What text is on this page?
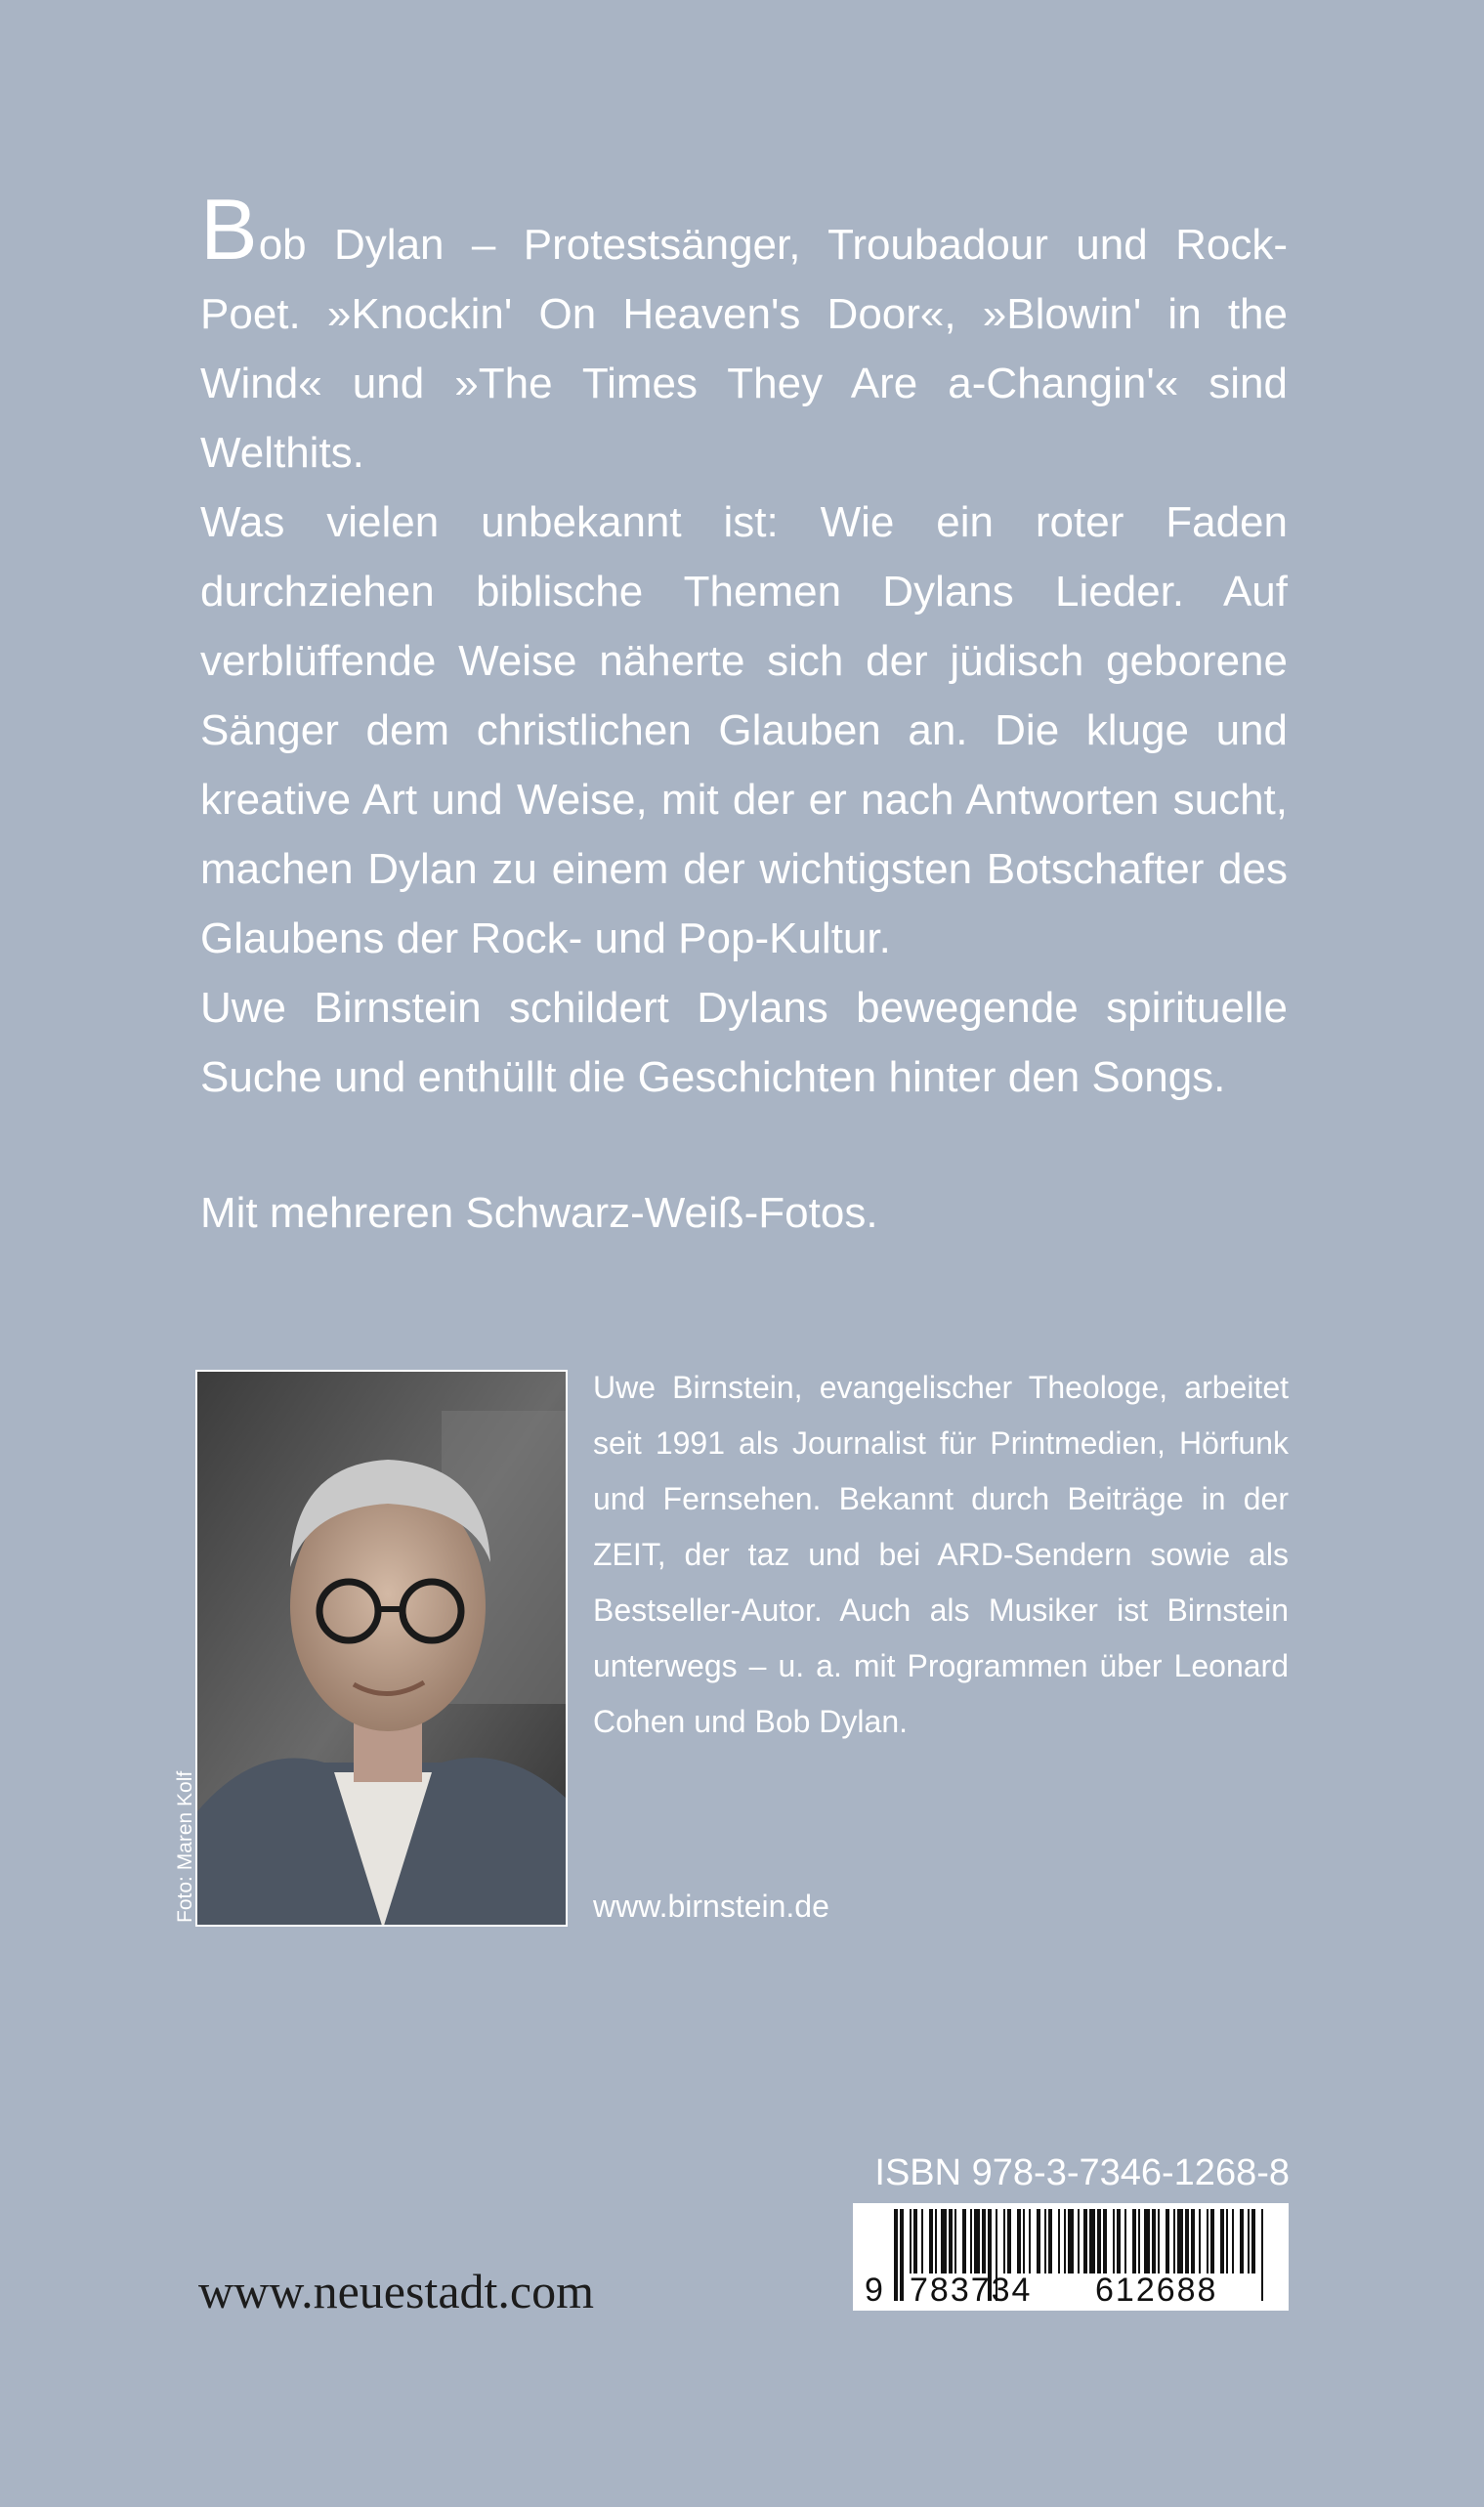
Bob Dylan – Protestsänger, Troubadour und Rock-Poet. »Knockin' On Heaven's Door«, »Blowin' in the Wind« und »The Times They Are a-Changin'« sind Welthits.

Was vielen unbekannt ist: Wie ein roter Faden durchziehen biblische Themen Dylans Lieder. Auf verblüffende Weise näherte sich der jüdisch geborene Sänger dem christlichen Glauben an. Die kluge und kreative Art und Weise, mit der er nach Antworten sucht, machen Dylan zu einem der wichtigsten Botschafter des Glaubens der Rock- und Pop-Kultur.

Uwe Birnstein schildert Dylans bewegende spirituelle Suche und enthüllt die Geschichten hinter den Songs.

Mit mehreren Schwarz-Weiß-Fotos.

Foto: Maren Kolf

Uwe Birnstein, evangelischer Theologe, arbeitet seit 1991 als Journalist für Printmedien, Hörfunk und Fernsehen. Bekannt durch Beiträge in der ZEIT, der taz und bei ARD-Sendern sowie als Bestseller-Autor. Auch als Musiker ist Birnstein unterwegs – u. a. mit Programmen über Leonard Cohen und Bob Dylan.

www.birnstein.de
www.neuestadt.com
ISBN 978-3-7346-1268-8
9 783734 612688
